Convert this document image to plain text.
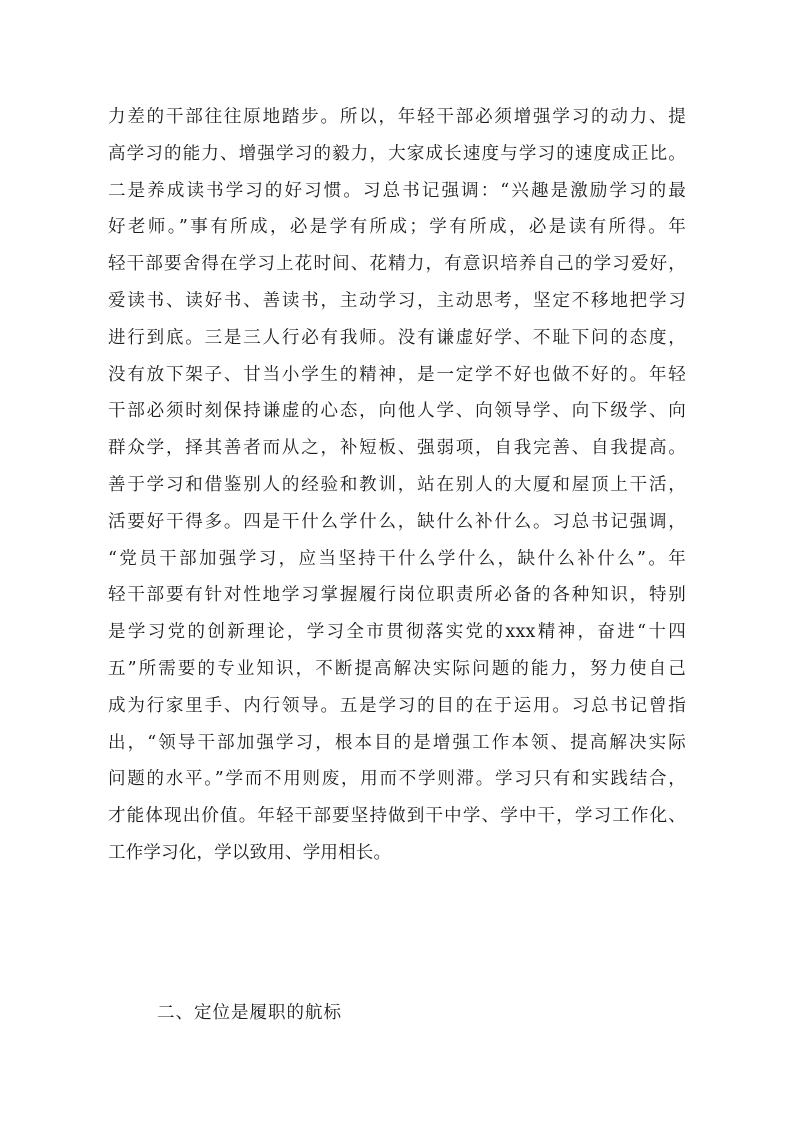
力差的干部往往原地踏步。所以，年轻干部必须增强学习的动力、提
高学习的能力、增强学习的毅力，大家成长速度与学习的速度成正比。
二是养成读书学习的好习惯。习总书记强调：“兴趣是激励学习的最
好老师。”事有所成，必是学有所成；学有所成，必是读有所得。年
轻干部要舍得在学习上花时间、花精力，有意识培养自己的学习爱好，
爱读书、读好书、善读书，主动学习，主动思考，坚定不移地把学习
进行到底。三是三人行必有我师。没有谦虚好学、不耻下问的态度，
没有放下架子、甘当小学生的精神，是一定学不好也做不好的。年轻
干部必须时刻保持谦虚的心态，向他人学、向领导学、向下级学、向
群众学，择其善者而从之，补短板、强弱项，自我完善、自我提高。
善于学习和借鉴别人的经验和教训，站在别人的大厦和屋顶上干活，
活要好干得多。四是干什么学什么，缺什么补什么。习总书记强调，
“党员干部加强学习，应当坚持干什么学什么，缺什么补什么”。年
轻干部要有针对性地学习掌握履行岗位职责所必备的各种知识，特别
是学习党的创新理论，学习全市贯彻落实党的xxx精神，奋进“十四
五”所需要的专业知识，不断提高解决实际问题的能力，努力使自己
成为行家里手、内行领导。五是学习的目的在于运用。习总书记曾指
出，“领导干部加强学习，根本目的是增强工作本领、提高解决实际
问题的水平。”学而不用则废，用而不学则滞。学习只有和实践结合，
才能体现出价值。年轻干部要坚持做到干中学、学中干，学习工作化、
工作学习化，学以致用、学用相长。
二、定位是履职的航标
